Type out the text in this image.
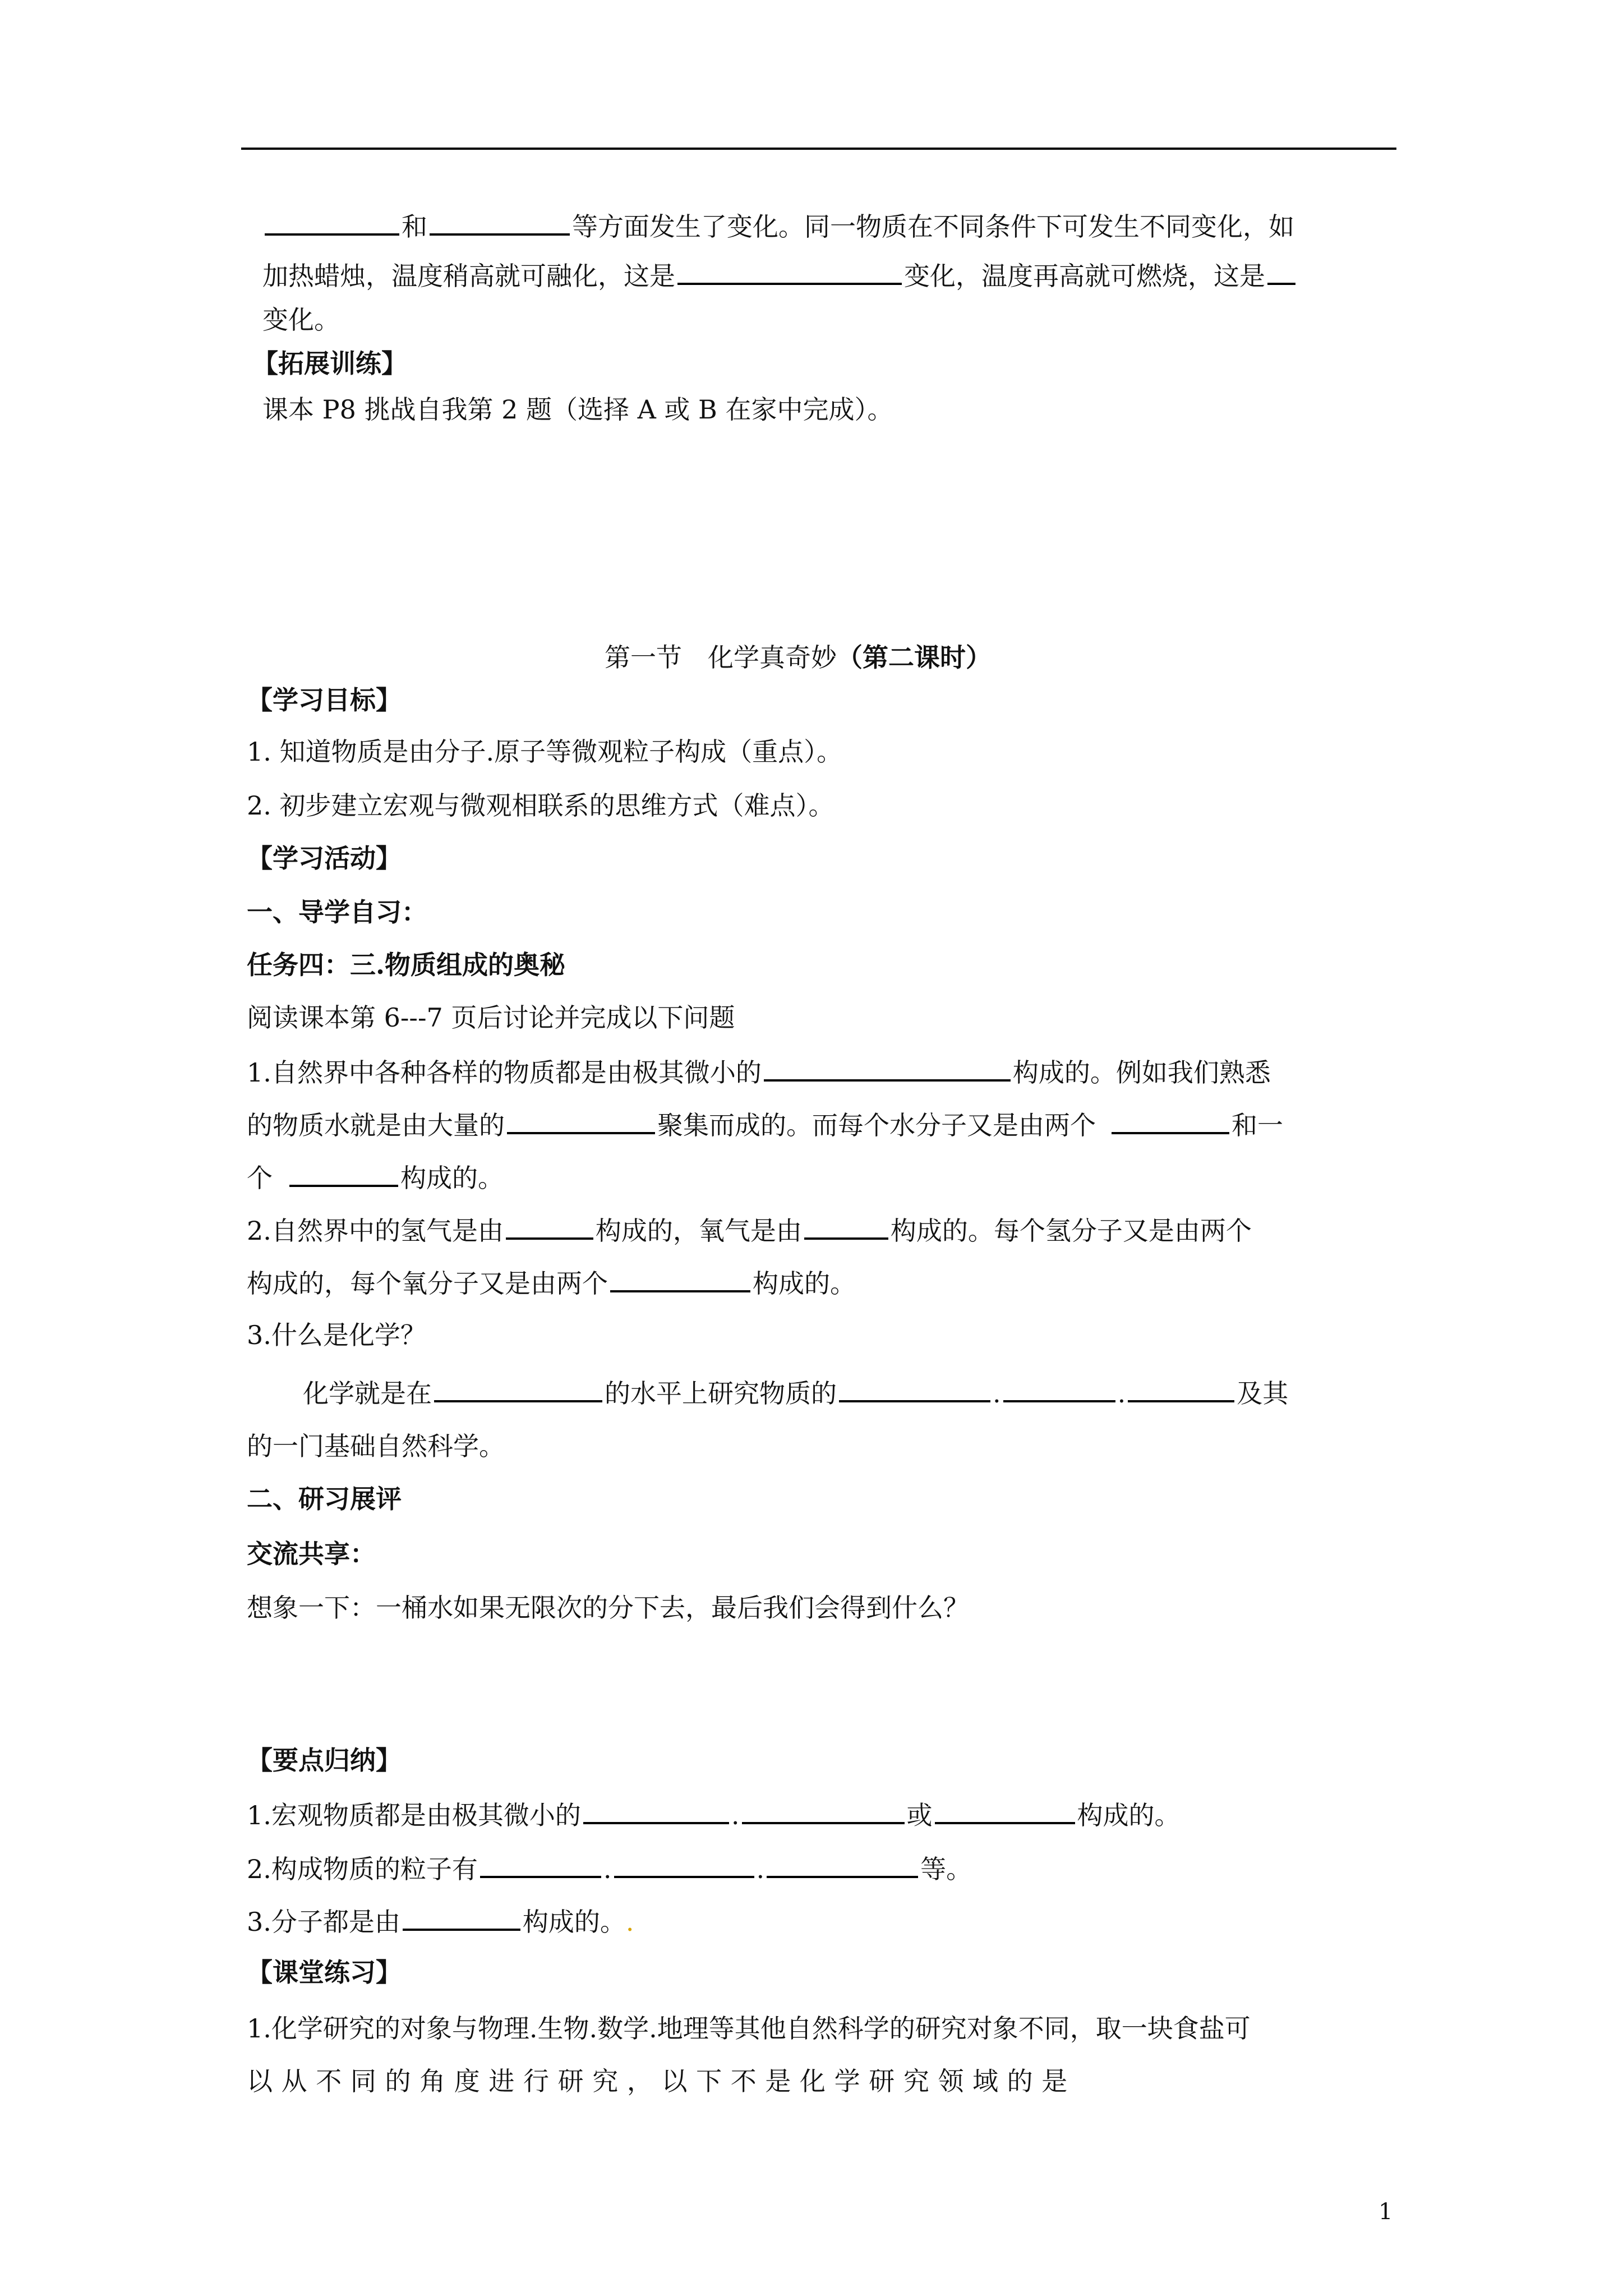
和	等方面发生了变化。同一物质在不同条件下可发生不同变化，如
加热蜡烛，温度稍高就可融化，这是	变化，温度再高就可燃烧，这是
变化。
【拓展训练】
课本 P8 挑战自我第 2 题（选择 A 或 B 在家中完成）。
第一节　化学真奇妙（第二课时）
【学习目标】
1. 知道物质是由分子.原子等微观粒子构成（重点）。
2. 初步建立宏观与微观相联系的思维方式（难点）。
【学习活动】
一、导学自习：
任务四：三.物质组成的奥秘
阅读课本第 6---7 页后讨论并完成以下问题
1.自然界中各种各样的物质都是由极其微小的	构成的。例如我们熟悉
的物质水就是由大量的	聚集而成的。而每个水分子又是由两个	和一
个	构成的。
2.自然界中的氢气是由	构成的，氧气是由	构成的。每个氢分子又是由两个
构成的，每个氧分子又是由两个	构成的。
3.什么是化学？
化学就是在	的水平上研究物质的	.	.	及其
的一门基础自然科学。
二、研习展评
交流共享：
想象一下：一桶水如果无限次的分下去，最后我们会得到什么？
【要点归纳】
1.宏观物质都是由极其微小的	.	或	构成的。
2.构成物质的粒子有	.	.	等。
3.分子都是由	构成的。.
【课堂练习】
1.化学研究的对象与物理.生物.数学.地理等其他自然科学的研究对象不同，取一块食盐可
以 从 不 同 的 角 度 进 行 研 究 ， 以 下 不 是 化 学 研 究 领 域 的 是
1
